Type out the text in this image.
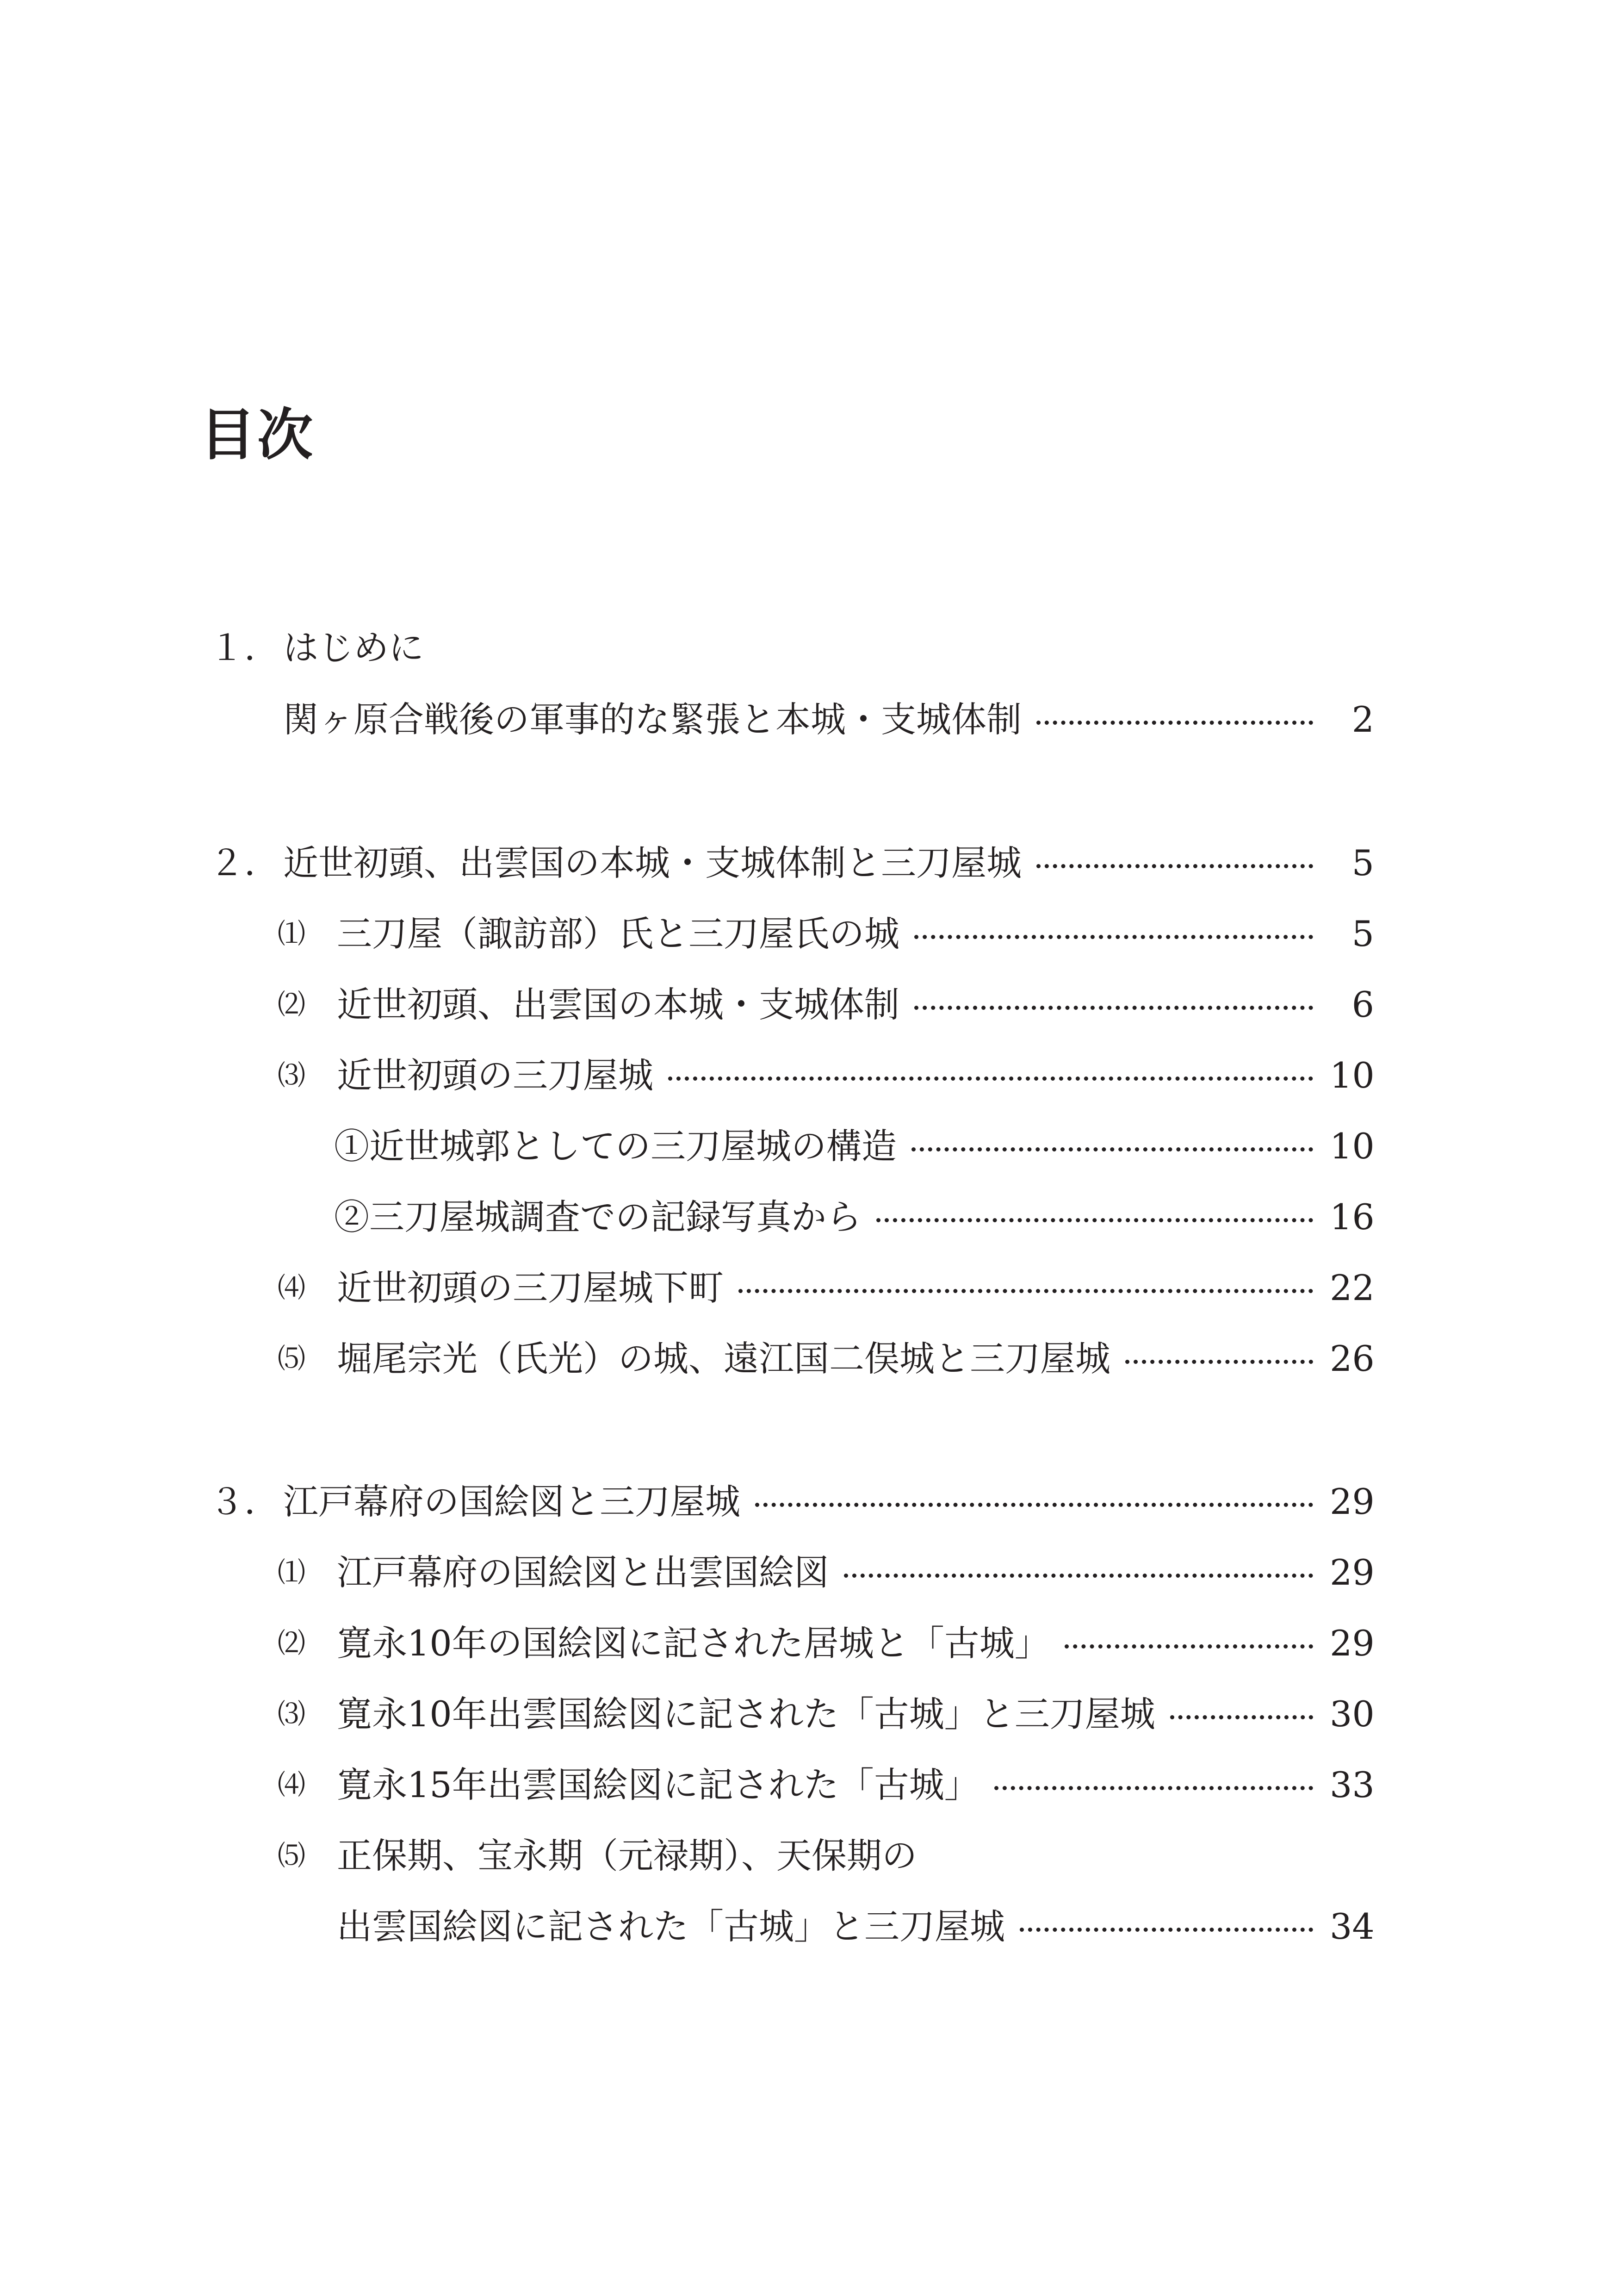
目次
１． はじめに
関ヶ原合戦後の軍事的な緊張と本城・支城体制	2
２． 近世初頭、出雲国の本城・支城体制と三刀屋城	5
⑴ 三刀屋（諏訪部）氏と三刀屋氏の城	5
⑵ 近世初頭、出雲国の本城・支城体制	6
⑶ 近世初頭の三刀屋城	10
①近世城郭としての三刀屋城の構造	10
②三刀屋城調査での記録写真から	16
⑷ 近世初頭の三刀屋城下町	22
⑸ 堀尾宗光（氏光）の城、遠江国二俣城と三刀屋城	26
３． 江戸幕府の国絵図と三刀屋城	29
⑴ 江戸幕府の国絵図と出雲国絵図	29
⑵ 寛永10年の国絵図に記された居城と「古城」	29
⑶ 寛永10年出雲国絵図に記された「古城」と三刀屋城	30
⑷ 寛永15年出雲国絵図に記された「古城」	33
⑸ 正保期、宝永期（元禄期）、天保期の
出雲国絵図に記された「古城」と三刀屋城	34
